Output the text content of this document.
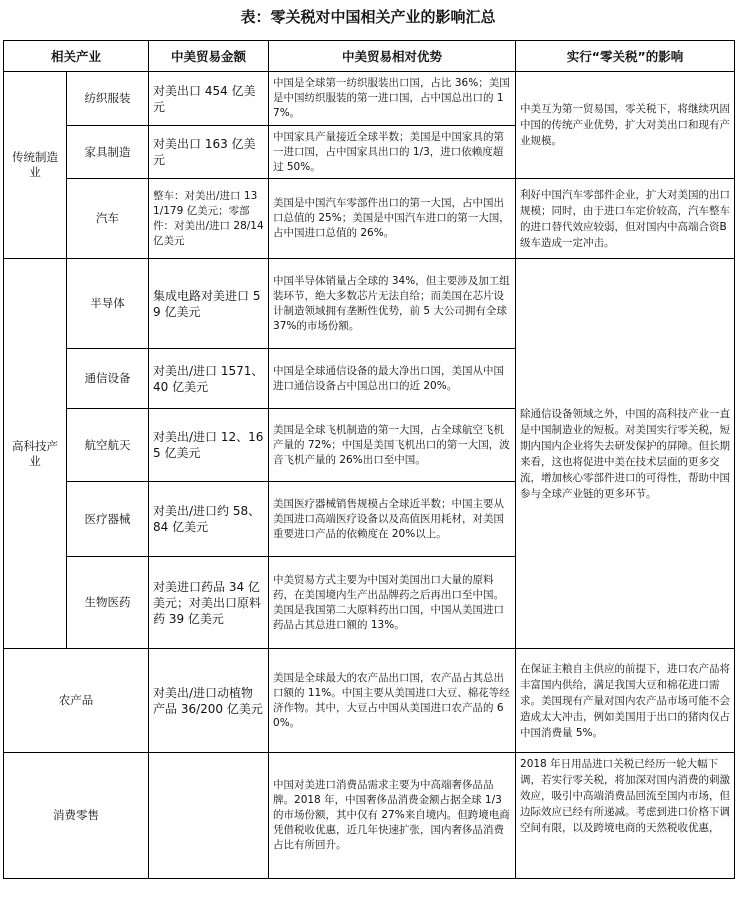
表：零关税对中国相关产业的影响汇总
相关产业		中美贸易金额	中美贸易相对优势	实行“零关税”的影响
传统制造业	纺织服装	对美出口 454 亿美元	中国是全球第一纺织服装出口国，占比 36%；美国是中国纺织服装的第一进口国，占中国总出口的 17%。	中美互为第一贸易国，零关税下，将继续巩固中国的传统产业优势，扩大对美出口和现有产业规模。
	家具制造	对美出口 163 亿美元	中国家具产量接近全球半数；美国是中国家具的第一进口国，占中国家具出口的 1/3，进口依赖度超过 50%。	
	汽车	整车：对美出/进口 131/179 亿美元；零部件：对美出/进口 28/14 亿美元	美国是中国汽车零部件出口的第一大国，占中国出口总值的 25%；美国是中国汽车进口的第一大国，占中国进口总值的 26%。	利好中国汽车零部件企业，扩大对美国的出口规模；同时，由于进口车定价较高，汽车整车的进口替代效应较弱，但对国内中高端合资B级车造成一定冲击。
高科技产业	半导体	集成电路对美进口 59 亿美元	中国半导体销量占全球的 34%，但主要涉及加工组装环节，绝大多数芯片无法自给；而美国在芯片设计制造领域拥有垄断性优势，前 5 大公司拥有全球 37%的市场份额。	除通信设备领域之外，中国的高科技产业一直是中国制造业的短板。对美国实行零关税，短期内国内企业将失去研发保护的屏障。但长期来看，这也将促进中美在技术层面的更多交流，增加核心零部件进口的可得性，帮助中国参与全球产业链的更多环节。
	通信设备	对美出/进口 1571、40 亿美元	中国是全球通信设备的最大净出口国，美国从中国进口通信设备占中国总出口的近 20%。	
	航空航天	对美出/进口 12、165 亿美元	美国是全球飞机制造的第一大国，占全球航空飞机产量的 72%；中国是美国飞机出口的第一大国，波音飞机产量的 26%出口至中国。	
	医疗器械	对美出/进口约 58、84 亿美元	美国医疗器械销售规模占全球近半数；中国主要从美国进口高端医疗设备以及高值医用耗材，对美国重要进口产品的依赖度在 20%以上。	
	生物医药	对美进口药品 34 亿美元；对美出口原料药 39 亿美元	中美贸易方式主要为中国对美国出口大量的原料药，在美国境内生产出品牌药之后再出口至中国。美国是我国第二大原料药出口国，中国从美国进口药品占其总进口额的 13%。	
农产品		对美出/进口动植物产品 36/200 亿美元	美国是全球最大的农产品出口国，农产品占其总出口额的 11%。中国主要从美国进口大豆、棉花等经济作物。其中，大豆占中国从美国进口农产品的 60%。	在保证主粮自主供应的前提下，进口农产品将丰富国内供给，满足我国大豆和棉花进口需求。美国现有产量对国内农产品市场可能不会造成太大冲击，例如美国用于出口的猪肉仅占中国消费量 5%。
消费零售			中国对美进口消费品需求主要为中高端奢侈品品牌。2018 年，中国奢侈品消费金额占据全球 1/3 的市场份额，其中仅有 27%来自境内。但跨境电商凭借税收优惠，近几年快速扩张，国内奢侈品消费占比有所回升。	2018 年日用品进口关税已经历一轮大幅下调，若实行零关税，将加深对国内消费的刺激效应，吸引中高端消费品回流至国内市场，但边际效应已经有所递减。考虑到进口价格下调空间有限，以及跨境电商的天然税收优惠，
